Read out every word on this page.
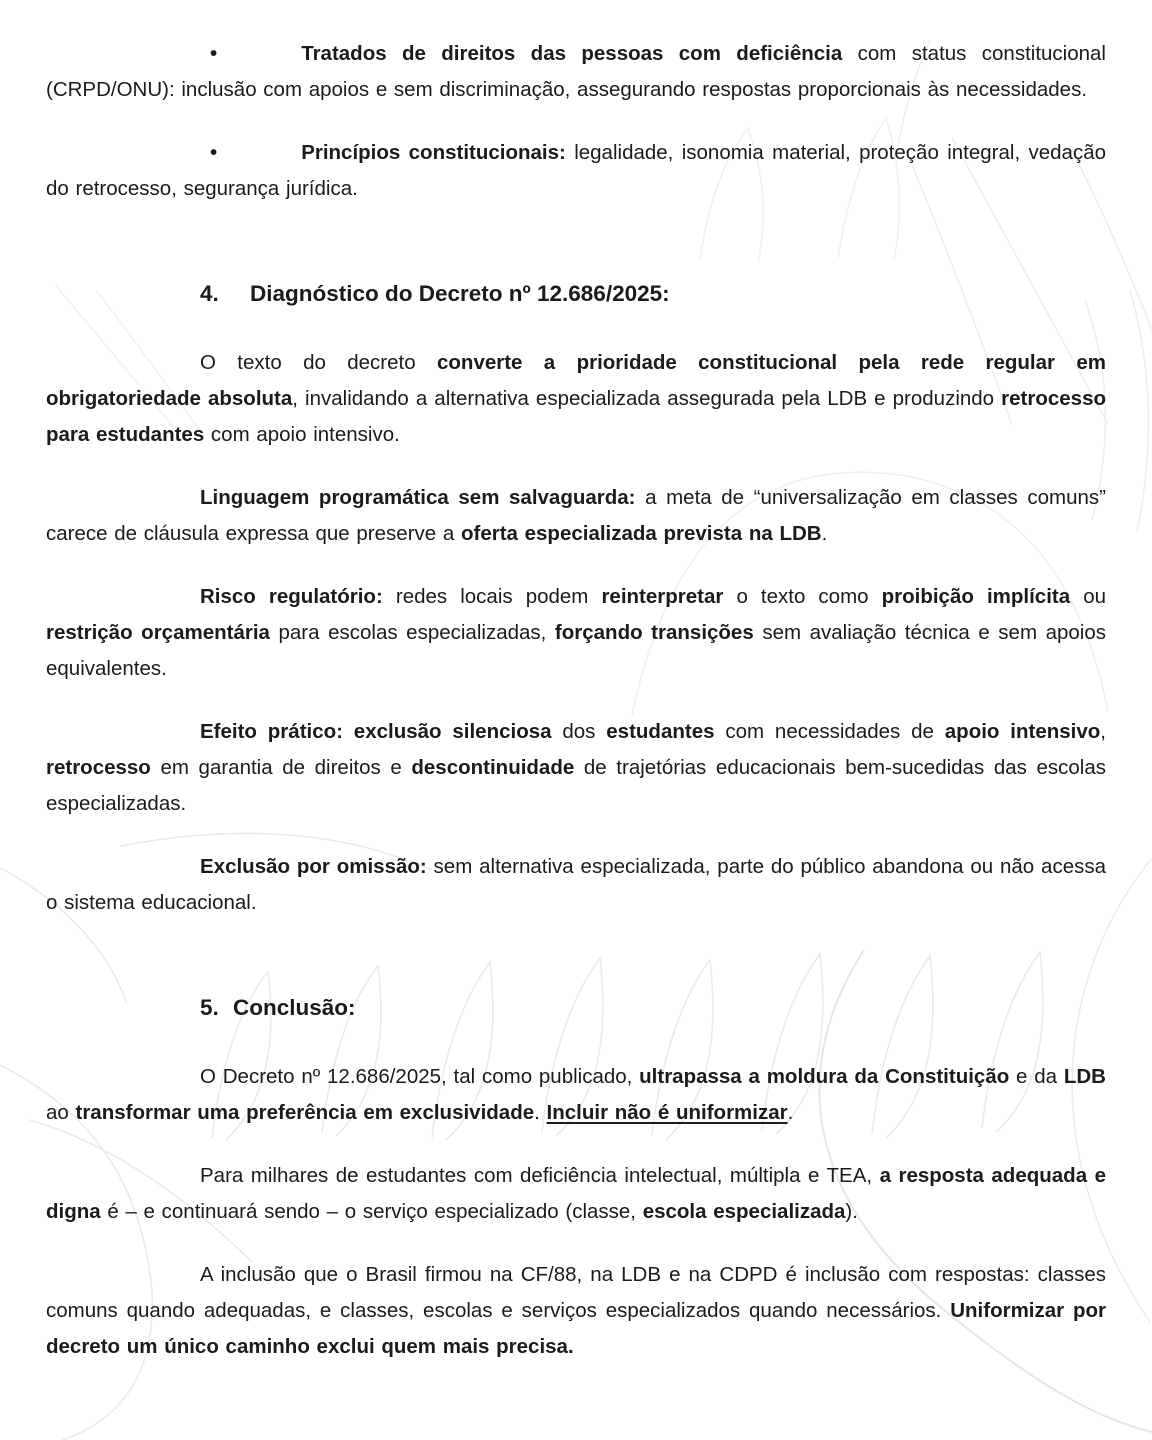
•	Tratados de direitos das pessoas com deficiência com status constitucional (CRPD/ONU): inclusão com apoios e sem discriminação, assegurando respostas proporcionais às necessidades.

•	Princípios constitucionais: legalidade, isonomia material, proteção integral, vedação do retrocesso, segurança jurídica.

4. Diagnóstico do Decreto nº 12.686/2025:

O texto do decreto converte a prioridade constitucional pela rede regular em obrigatoriedade absoluta, invalidando a alternativa especializada assegurada pela LDB e produzindo retrocesso para estudantes com apoio intensivo.

Linguagem programática sem salvaguarda: a meta de “universalização em classes comuns” carece de cláusula expressa que preserve a oferta especializada prevista na LDB.

Risco regulatório: redes locais podem reinterpretar o texto como proibição implícita ou restrição orçamentária para escolas especializadas, forçando transições sem avaliação técnica e sem apoios equivalentes.

Efeito prático: exclusão silenciosa dos estudantes com necessidades de apoio intensivo, retrocesso em garantia de direitos e descontinuidade de trajetórias educacionais bem-sucedidas das escolas especializadas.

Exclusão por omissão: sem alternativa especializada, parte do público abandona ou não acessa o sistema educacional.

5. Conclusão:

O Decreto nº 12.686/2025, tal como publicado, ultrapassa a moldura da Constituição e da LDB ao transformar uma preferência em exclusividade. Incluir não é uniformizar.

Para milhares de estudantes com deficiência intelectual, múltipla e TEA, a resposta adequada e digna é – e continuará sendo – o serviço especializado (classe, escola especializada).

A inclusão que o Brasil firmou na CF/88, na LDB e na CDPD é inclusão com respostas: classes comuns quando adequadas, e classes, escolas e serviços especializados quando necessários. Uniformizar por decreto um único caminho exclui quem mais precisa.
